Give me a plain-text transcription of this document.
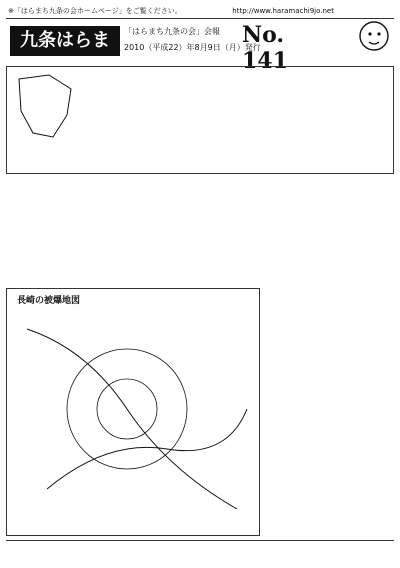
※「はらまち九条の会ホームページ」をご覧ください。	http://www.haramachi9jo.net
九条はらまち
「はらまち九条の会」会報 No. 141
2010（平成22）年8月9日（月）発行
長崎の被爆地図
